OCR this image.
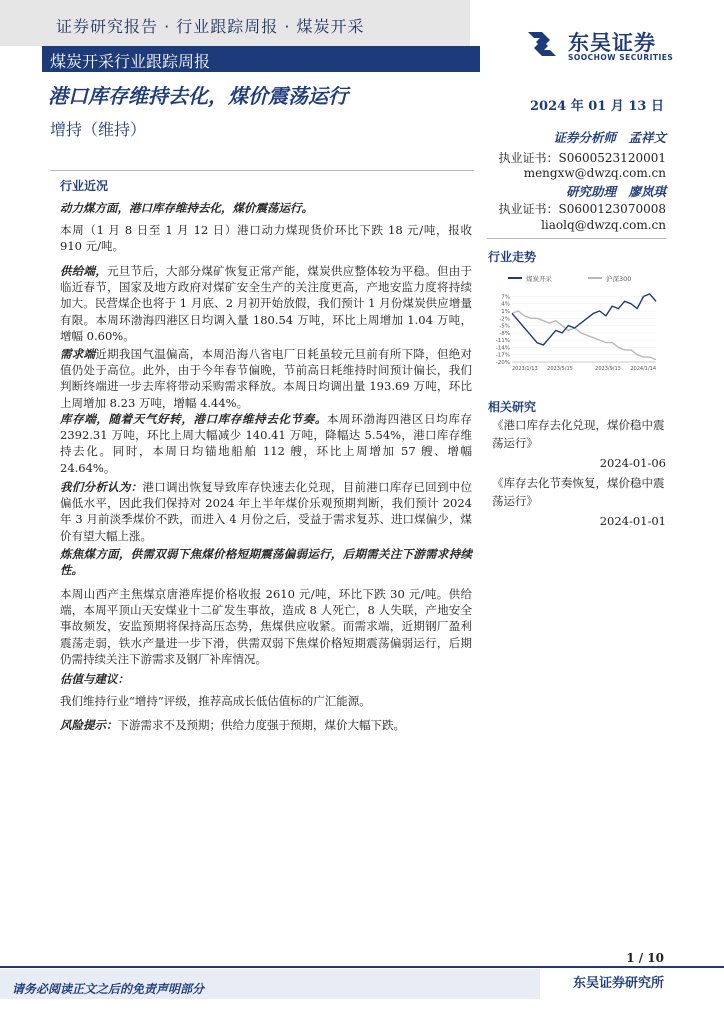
证券研究报告 · 行业跟踪周报 · 煤炭开采
煤炭开采行业跟踪周报
东吴证券
SOOCHOW SECURITIES
港口库存维持去化，煤价震荡运行	2024 年 01 月 13 日
增持（维持）	证券分析师　孟祥文
执业证书：S0600523120001
mengxw@dwzq.com.cn
研究助理　廖岚琪
执业证书：S0600123070008
liaolq@dwzq.com.cn
行业近况
动力煤方面，港口库存维持去化，煤价震荡运行。
本周（1 月 8 日至 1 月 12 日）港口动力煤现货价环比下跌 18 元/吨，报收 910 元/吨。
供给端，元旦节后，大部分煤矿恢复正常产能，煤炭供应整体较为平稳。但由于临近春节，国家及地方政府对煤矿安全生产的关注度更高，产地安监力度将持续加大。民营煤企也将于 1 月底、2 月初开始放假，我们预计 1 月份煤炭供应增量有限。本周环渤海四港区日均调入量 180.54 万吨，环比上周增加 1.04 万吨，增幅 0.60%。
需求端近期我国气温偏高，本周沿海八省电厂日耗虽较元旦前有所下降，但绝对值仍处于高位。此外，由于今年春节偏晚，节前高日耗维持时间预计偏长，我们判断终端进一步去库将带动采购需求释放。本周日均调出量 193.69 万吨，环比上周增加 8.23 万吨，增幅 4.44%。
库存端，随着天气好转，港口库存维持去化节奏。本周环渤海四港区日均库存 2392.31 万吨，环比上周大幅减少 140.41 万吨，降幅达 5.54%，港口库存维持去化。同时，本周日均锚地船舶 112 艘，环比上周增加 57 艘、增幅 24.64%。
我们分析认为：港口调出恢复导致库存快速去化兑现，目前港口库存已回到中位偏低水平，因此我们保持对 2024 年上半年煤价乐观预期判断，我们预计 2024 年 3 月前淡季煤价不跌，而进入 4 月份之后，受益于需求复苏、进口煤偏少，煤价有望大幅上涨。
炼焦煤方面，供需双弱下焦煤价格短期震荡偏弱运行，后期需关注下游需求持续性。
本周山西产主焦煤京唐港库提价格收报 2610 元/吨，环比下跌 30 元/吨。供给端，本周平顶山天安煤业十二矿发生事故，造成 8 人死亡，8 人失联，产地安全事故频发，安监预期将保持高压态势，焦煤供应收紧。而需求端，近期钢厂盈利震荡走弱，铁水产量进一步下滑，供需双弱下焦煤价格短期震荡偏弱运行，后期仍需持续关注下游需求及钢厂补库情况。
估值与建议：
我们维持行业“增持”评级，推荐高成长低估值标的广汇能源。
风险提示：下游需求不及预期；供给力度强于预期，煤价大幅下跌。
行业走势
煤炭开采	沪深300
7%
4%
1%
-2%
-5%
-8%
-11%
-14%
-17%
-20%
2023/1/13 2023/5/15	2023/9/13 2024/1/14
相关研究
《港口库存去化兑现，煤价稳中震荡运行》
2024-01-06
《库存去化节奏恢复，煤价稳中震荡运行》
2024-01-01
1 / 10
请务必阅读正文之后的免责声明部分	东吴证券研究所
